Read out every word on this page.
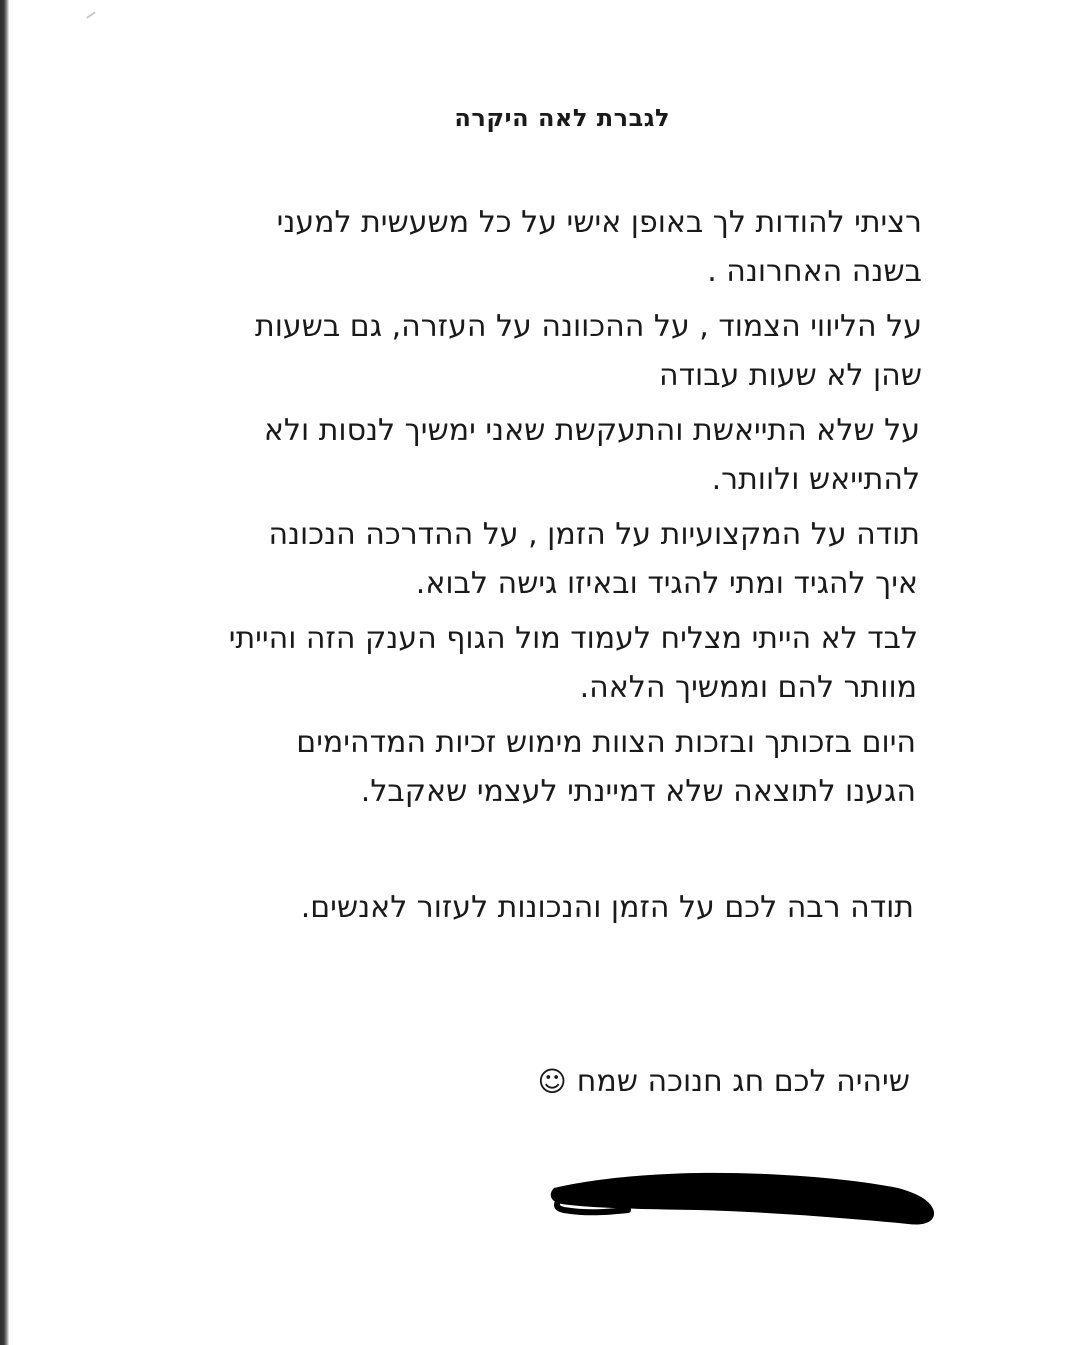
לגברת לאה היקרה
רציתי להודות לך באופן אישי על כל משעשית למעני
בשנה האחרונה .
על הליווי הצמוד , על ההכוונה על העזרה, גם בשעות
שהן לא שעות עבודה
על שלא התייאשת והתעקשת שאני ימשיך לנסות ולא
להתייאש ולוותר.
תודה על המקצועיות על הזמן , על ההדרכה הנכונה
איך להגיד ומתי להגיד ובאיזו גישה לבוא.
לבד לא הייתי מצליח לעמוד מול הגוף הענק הזה והייתי
מוותר להם וממשיך הלאה.
היום בזכותך ובזכות הצוות מימוש זכיות המדהימים
הגענו לתוצאה שלא דמיינתי לעצמי שאקבל.
תודה רבה לכם על הזמן והנכונות לעזור לאנשים.
שיהיה לכם חג חנוכה שמח☺
